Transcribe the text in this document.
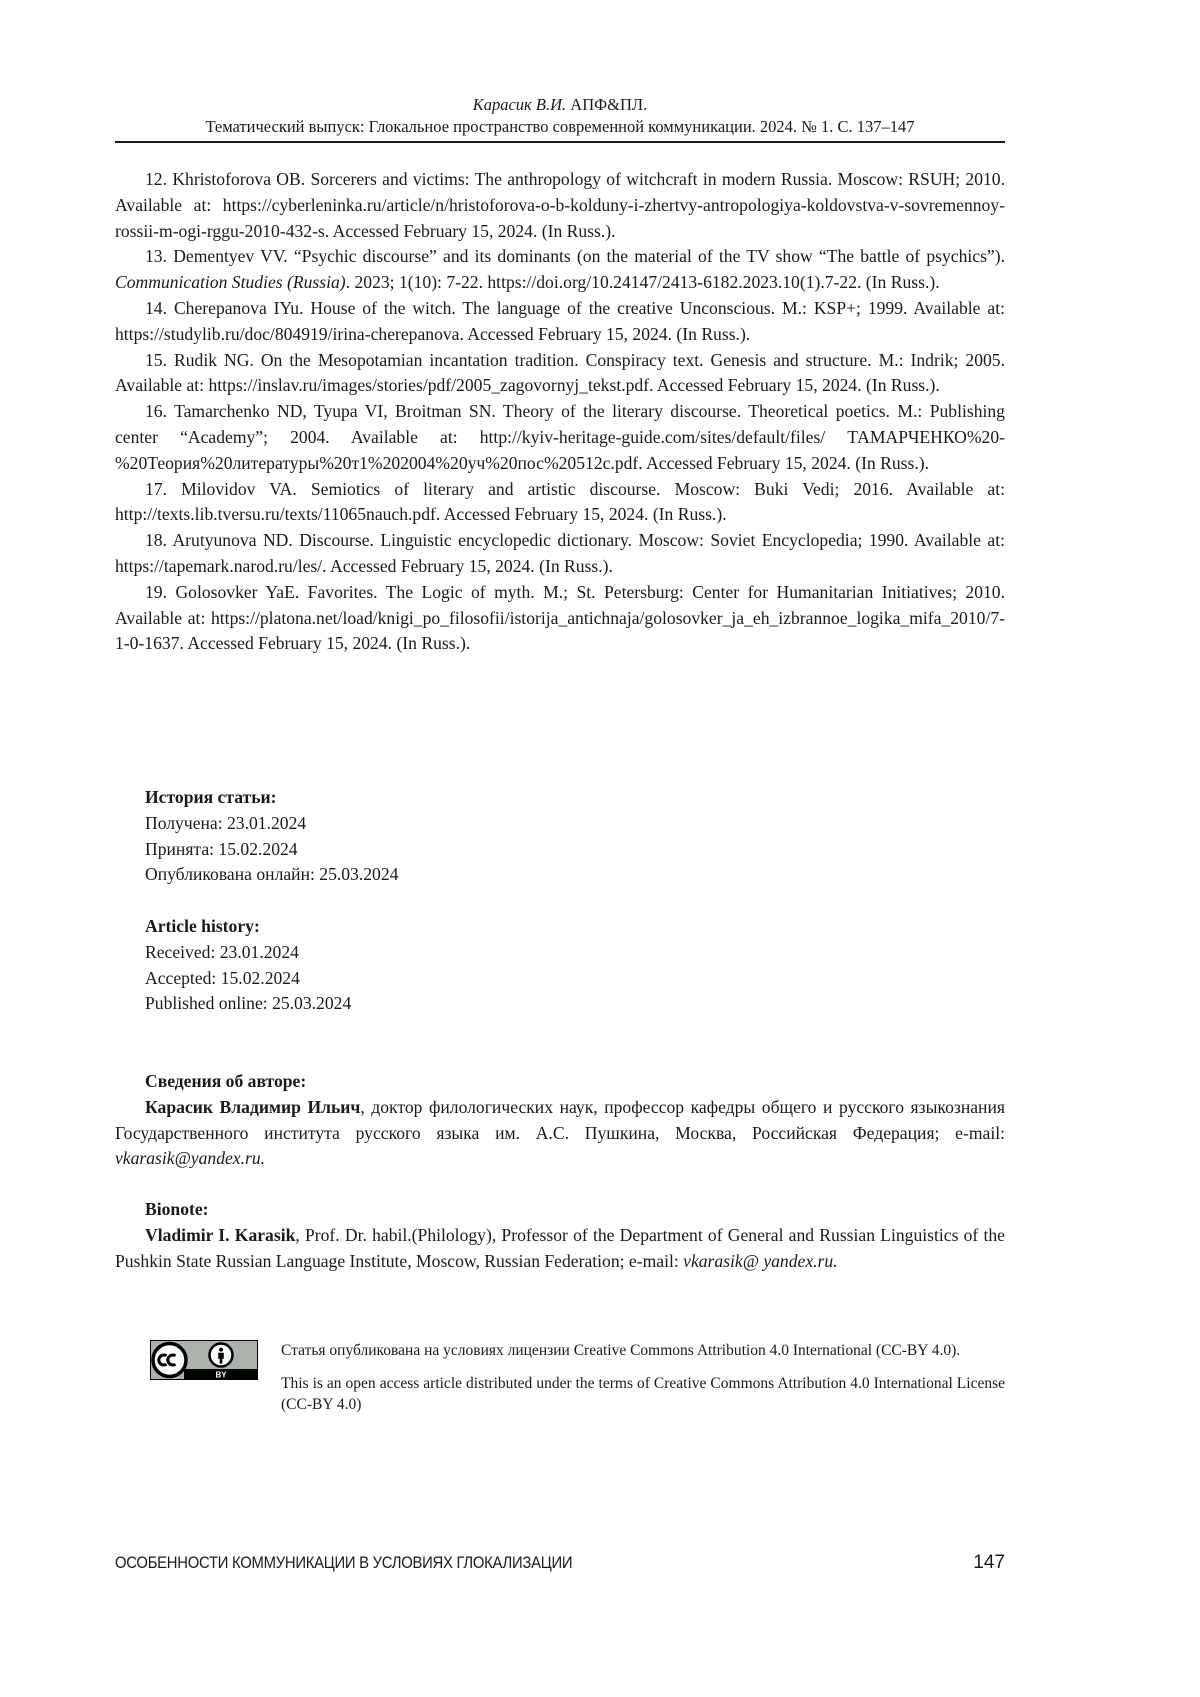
Карасик В.И. АПФ&ПЛ.
Тематический выпуск: Глокальное пространство современной коммуникации. 2024. № 1. С. 137–147

12. Khristoforova OB. Sorcerers and victims: The anthropology of witchcraft in modern Russia. Moscow: RSUH; 2010. Available at: https://cyberleninka.ru/article/n/hristoforova-o-b-kolduny-i-zhertvy-antropologiya-koldovstva-v-sovremennoy-rossii-m-ogi-rggu-2010-432-s. Accessed February 15, 2024. (In Russ.).

13. Dementyev VV. “Psychic discourse” and its dominants (on the material of the TV show “The battle of psychics”). Communication Studies (Russia). 2023; 1(10): 7-22. https://doi.org/10.24147/2413-6182.2023.10(1).7-22. (In Russ.).

14. Cherepanova IYu. House of the witch. The language of the creative Unconscious. M.: KSP+; 1999. Available at: https://studylib.ru/doc/804919/irina-cherepanova. Accessed February 15, 2024. (In Russ.).

15. Rudik NG. On the Mesopotamian incantation tradition. Conspiracy text. Genesis and structure. M.: Indrik; 2005. Available at: https://inslav.ru/images/stories/pdf/2005_zagovornyj_tekst.pdf. Accessed February 15, 2024. (In Russ.).

16. Tamarchenko ND, Tyupa VI, Broitman SN. Theory of the literary discourse. Theoretical poetics. M.: Publishing center “Academy”; 2004. Available at: http://kyiv-heritage-guide.com/sites/default/files/ ТАМАРЧЕНКО%20-%20Теория%20литературы%20т1%202004%20уч%20пос%20512с.pdf. Accessed February 15, 2024. (In Russ.).

17. Milovidov VA. Semiotics of literary and artistic discourse. Moscow: Buki Vedi; 2016. Available at: http://texts.lib.tversu.ru/texts/11065nauch.pdf. Accessed February 15, 2024. (In Russ.).

18. Arutyunova ND. Discourse. Linguistic encyclopedic dictionary. Moscow: Soviet Encyclopedia; 1990. Available at: https://tapemark.narod.ru/les/. Accessed February 15, 2024. (In Russ.).

19. Golosovker YaE. Favorites. The Logic of myth. M.; St. Petersburg: Center for Humanitarian Initiatives; 2010. Available at: https://platona.net/load/knigi_po_filosofii/istorija_antichnaja/golosovker_ja_eh_izbrannoe_logika_mifa_2010/7-1-0-1637. Accessed February 15, 2024. (In Russ.).

История статьи:
Получена: 23.01.2024
Принята: 15.02.2024
Опубликована онлайн: 25.03.2024
Article history:
Received: 23.01.2024
Accepted: 15.02.2024
Published online: 25.03.2024
Сведения об авторе:

Карасик Владимир Ильич, доктор филологических наук, профессор кафедры общего и русского языкознания Государственного института русского языка им. А.С. Пушкина, Москва, Российская Федерация; e-mail: vkarasik@yandex.ru.

Bionote:

Vladimir I. Karasik, Prof. Dr. habil.(Philology), Professor of the Department of General and Russian Linguistics of the Pushkin State Russian Language Institute, Moscow, Russian Federation; e-mail: vkarasik@ yandex.ru.

BY

Статья опубликована на условиях лицензии Creative Commons Attribution 4.0 International (CC-BY 4.0).

This is an open access article distributed under the terms of Creative Commons Attribution 4.0 International License (CC-BY 4.0)

ОСОБЕННОСТИ КОММУНИКАЦИИ В УСЛОВИЯХ ГЛОКАЛИЗАЦИИ	147
